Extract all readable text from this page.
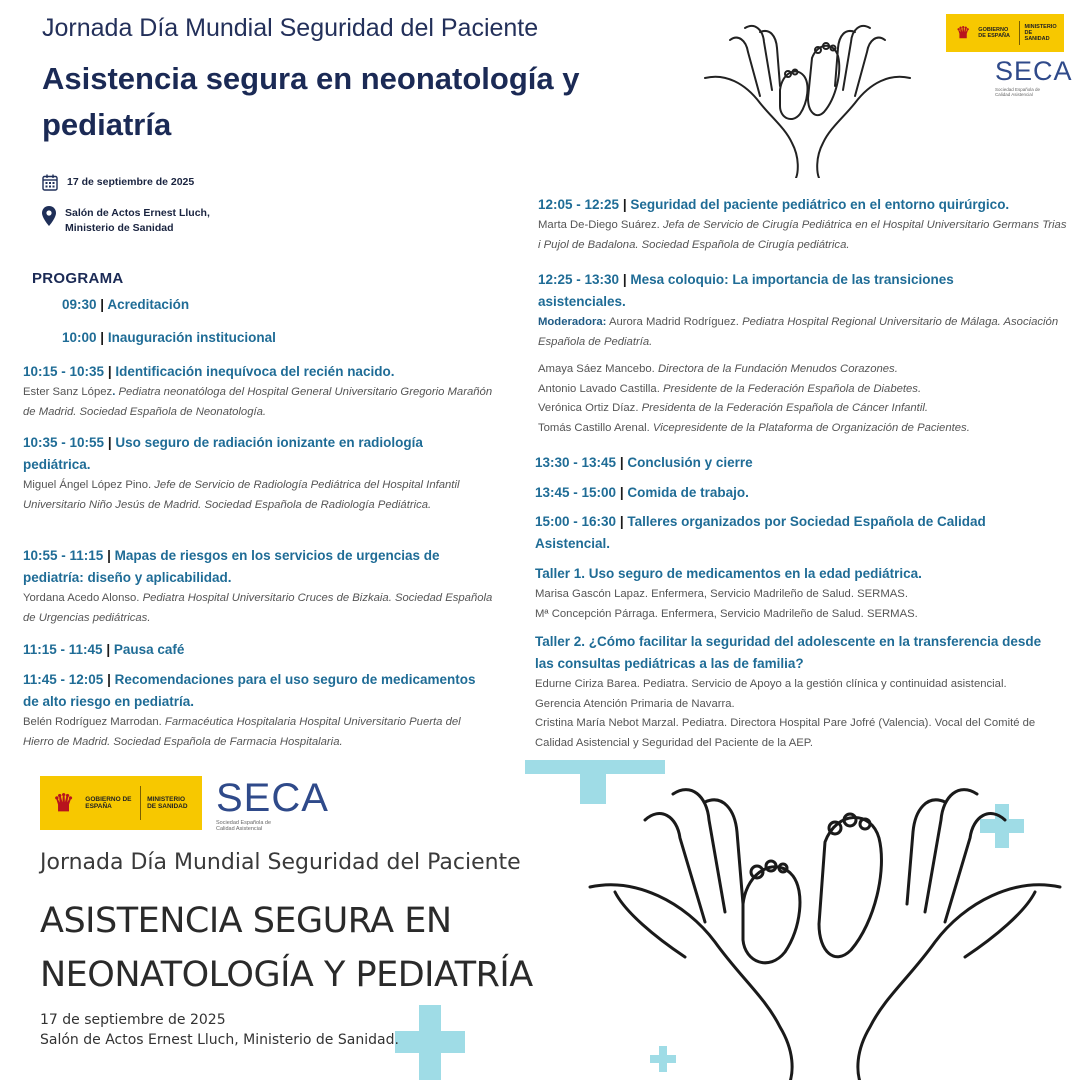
Jornada Día Mundial Seguridad del Paciente
Asistencia segura en neonatología y pediatría
♛	GOBIERNO DE ESPAÑA
MINISTERIO DE SANIDAD
SECA
Sociedad Española de Calidad Asistencial
17 de septiembre de 2025
Salón de Actos Ernest Lluch,
Ministerio de Sanidad
PROGRAMA
09:30 | Acreditación
10:00 | Inauguración institucional
10:15 - 10:35 | Identificación inequívoca del recién nacido.
Ester Sanz López. Pediatra neonatóloga del Hospital General Universitario Gregorio Marañón de Madrid. Sociedad Española de Neonatología.
10:35 - 10:55 | Uso seguro de radiación ionizante en radiología pediátrica.
Miguel Ángel López Pino. Jefe de Servicio de Radiología Pediátrica del Hospital Infantil Universitario Niño Jesús de Madrid. Sociedad Española de Radiología Pediátrica.
10:55 - 11:15 | Mapas de riesgos en los servicios de urgencias de pediatría: diseño y aplicabilidad.
Yordana Acedo Alonso. Pediatra Hospital Universitario Cruces de Bizkaia. Sociedad Española de Urgencias pediátricas.
11:15 - 11:45 | Pausa café
11:45 - 12:05 | Recomendaciones para el uso seguro de medicamentos de alto riesgo en pediatría.
Belén Rodríguez Marrodan. Farmacéutica Hospitalaria Hospital Universitario Puerta del Hierro de Madrid. Sociedad Española de Farmacia Hospitalaria.
12:05 - 12:25 | Seguridad del paciente pediátrico en el entorno quirúrgico.
Marta De-Diego Suárez. Jefa de Servicio de Cirugía Pediátrica en el Hospital Universitario Germans Trias i Pujol de Badalona. Sociedad Española de Cirugía pediátrica.
12:25 - 13:30 | Mesa coloquio: La importancia de las transiciones asistenciales.
Moderadora: Aurora Madrid Rodríguez. Pediatra Hospital Regional Universitario de Málaga. Asociación Española de Pediatría.
Amaya Sáez Mancebo. Directora de la Fundación Menudos Corazones.
Antonio Lavado Castilla. Presidente de la Federación Española de Diabetes.
Verónica Ortiz Díaz. Presidenta de la Federación Española de Cáncer Infantil.
Tomás Castillo Arenal. Vicepresidente de la Plataforma de Organización de Pacientes.
13:30 - 13:45 | Conclusión y cierre
13:45 - 15:00 | Comida de trabajo.
15:00 - 16:30 | Talleres organizados por Sociedad Española de Calidad Asistencial.
Taller 1. Uso seguro de medicamentos en la edad pediátrica.
Marisa Gascón Lapaz. Enfermera, Servicio Madrileño de Salud. SERMAS.
Mª Concepción Párraga. Enfermera, Servicio Madrileño de Salud. SERMAS.
Taller 2. ¿Cómo facilitar la seguridad del adolescente en la transferencia desde las consultas pediátricas a las de familia?
Edurne Ciriza Barea. Pediatra. Servicio de Apoyo a la gestión clínica y continuidad asistencial. Gerencia Atención Primaria de Navarra.
Cristina María Nebot Marzal. Pediatra. Directora Hospital Pare Jofré (Valencia). Vocal del Comité de Calidad Asistencial y Seguridad del Paciente de la AEP.
♛	GOBIERNO DE ESPAÑA
MINISTERIO DE SANIDAD SECA
Sociedad Española de Calidad Asistencial
Jornada Día Mundial Seguridad del Paciente
ASISTENCIA SEGURA EN
NEONATOLOGÍA Y PEDIATRÍA
17 de septiembre de 2025
Salón de Actos Ernest Lluch, Ministerio de Sanidad.
